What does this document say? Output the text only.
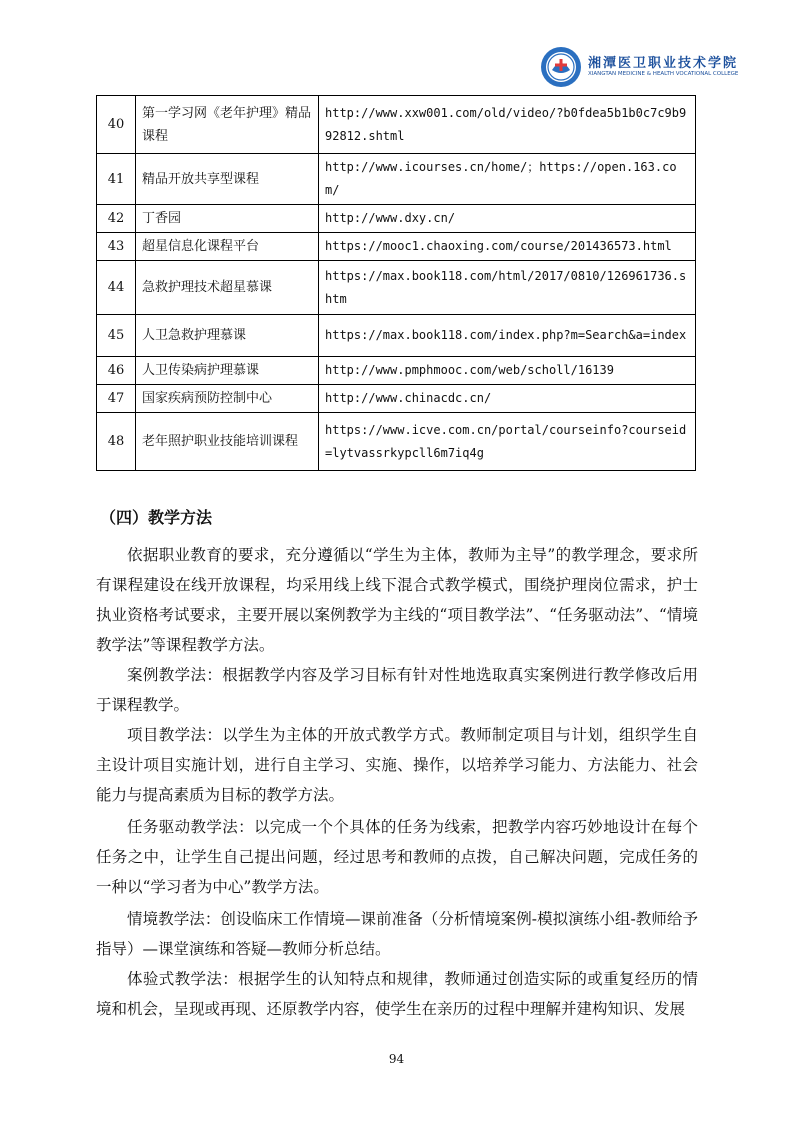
湘潭医卫职业技术学院
XIANGTAN MEDICINE & HEALTH VOCATIONAL COLLEGE
40	第一学习网《老年护理》精品课程	http://www.xxw001.com/old/video/?b0fdea5b1b0c7c9b992812.shtml
41	精品开放共享型课程	http://www.icourses.cn/home/；https://open.163.com/
42	丁香园	http://www.dxy.cn/
43	超星信息化课程平台	https://mooc1.chaoxing.com/course/201436573.html
44	急救护理技术超星慕课	https://max.book118.com/html/2017/0810/126961736.shtm
45	人卫急救护理慕课	https://max.book118.com/index.php?m=Search&a=index
46	人卫传染病护理慕课	http://www.pmphmooc.com/web/scholl/16139
47	国家疾病预防控制中心	http://www.chinacdc.cn/
48	老年照护职业技能培训课程	https://www.icve.com.cn/portal/courseinfo?courseid=lytvassrkypcll6m7iq4g
（四）教学方法

依据职业教育的要求，充分遵循以“学生为主体，教师为主导”的教学理念，要求所有课程建设在线开放课程，均采用线上线下混合式教学模式，围绕护理岗位需求，护士执业资格考试要求，主要开展以案例教学为主线的“项目教学法”、“任务驱动法”、“情境教学法”等课程教学方法。

案例教学法：根据教学内容及学习目标有针对性地选取真实案例进行教学修改后用于课程教学。

项目教学法：以学生为主体的开放式教学方式。教师制定项目与计划，组织学生自主设计项目实施计划，进行自主学习、实施、操作，以培养学习能力、方法能力、社会能力与提高素质为目标的教学方法。

任务驱动教学法：以完成一个个具体的任务为线索，把教学内容巧妙地设计在每个任务之中，让学生自己提出问题，经过思考和教师的点拨，自己解决问题，完成任务的一种以“学习者为中心”教学方法。

情境教学法：创设临床工作情境—课前准备（分析情境案例-模拟演练小组-教师给予指导）—课堂演练和答疑—教师分析总结。

体验式教学法：根据学生的认知特点和规律，教师通过创造实际的或重复经历的情境和机会，呈现或再现、还原教学内容，使学生在亲历的过程中理解并建构知识、发展

94
